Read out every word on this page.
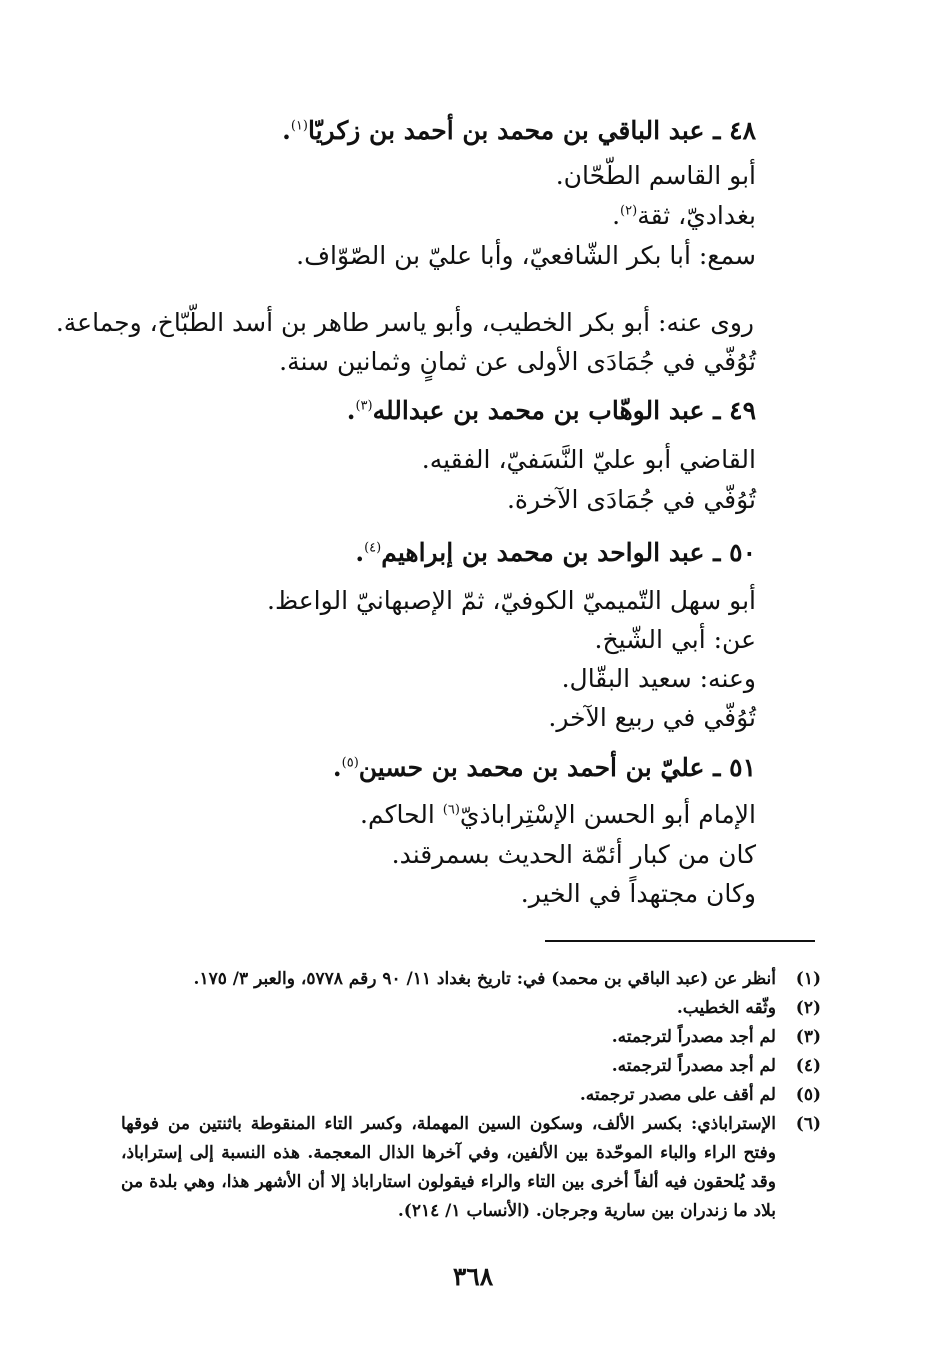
٤٨ ـ عبد الباقي بن محمد بن أحمد بن زكريّا$^{(١)}$.
أبو القاسم الطّحّان.
بغداديّ، ثقة$^{(٢)}$.
سمع: أبا بكر الشّافعيّ، وأبا عليّ بن الصّوّاف.
روى عنه: أبو بكر الخطيب، وأبو ياسر طاهر بن أسد الطّبّاخ، وجماعة.
تُوُفّي في جُمَادَى الأولى عن ثمانٍ وثمانين سنة.
٤٩ ـ عبد الوهّاب بن محمد بن عبدالله$^{(٣)}$.
القاضي أبو عليّ النَّسَفيّ، الفقيه.
تُوُفّي في جُمَادَى الآخرة.
٥٠ ـ عبد الواحد بن محمد بن إبراهيم$^{(٤)}$.
أبو سهل التّميميّ الكوفيّ، ثمّ الإصبهانيّ الواعظ.
عن: أبي الشّيخ.
وعنه: سعيد البقّال.
تُوُفّي في ربيع الآخر.
٥١ ـ عليّ بن أحمد بن محمد بن حسين$^{(٥)}$.
الإمام أبو الحسن الإسْتِراباذيّ$^{(٦)}$ الحاكم.
كان من كبار أئمّة الحديث بسمرقند.
وكان مجتهداً في الخير.
(١)
أنظر عن (عبد الباقي بن محمد) في: تاريخ بغداد ١١/ ٩٠ رقم ٥٧٧٨، والعبر ٣/ ١٧٥.
(٢)
وثّقه الخطيب.
(٣)
لم أجد مصدراً لترجمته.
(٤)
لم أجد مصدراً لترجمته.
(٥)
لم أقف على مصدر ترجمته.
(٦)
الإستراباذي: بكسر الألف، وسكون السين المهملة، وكسر التاء المنقوطة باثنتين من فوقها وفتح الراء والباء الموحّدة بين الألفين، وفي آخرها الذال المعجمة. هذه النسبة إلى إستراباذ، وقد يُلحقون فيه ألفاً أخرى بين التاء والراء فيقولون استاراباذ إلا أن الأشهر هذا، وهي بلدة من بلاد ما زندران بين سارية وجرجان. (الأنساب ١/ ٢١٤).
٣٦٨
